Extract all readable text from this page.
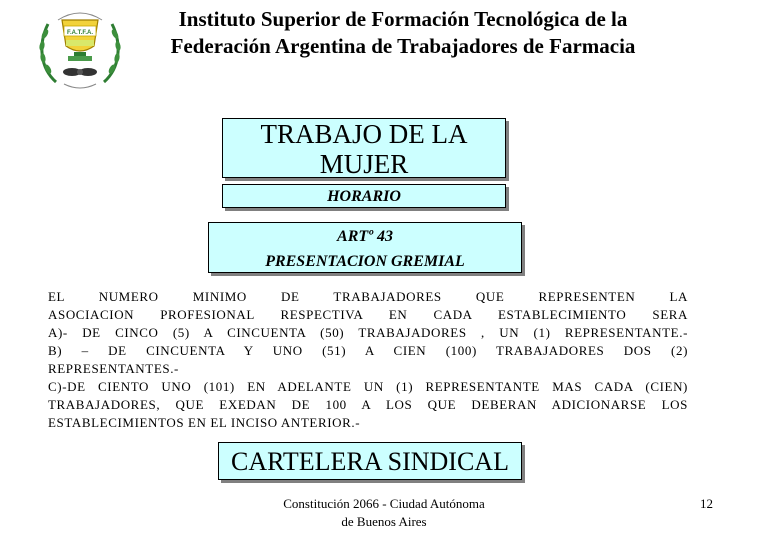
F.A.T.F.A.
Instituto Superior de Formación Tecnológica de la
Federación Argentina de Trabajadores de Farmacia
TRABAJO DE LA
MUJER
HORARIO
ARTº 43
PRESENTACION GREMIAL

EL NUMERO MINIMO DE TRABAJADORES QUE REPRESENTEN LA

ASOCIACION PROFESIONAL RESPECTIVA EN CADA ESTABLECIMIENTO SERA

A)- DE CINCO (5) A CINCUENTA (50) TRABAJADORES , UN (1) REPRESENTANTE.-

B) – DE CINCUENTA Y UNO (51) A CIEN (100) TRABAJADORES DOS (2)

REPRESENTANTES.-

C)-DE CIENTO UNO (101) EN ADELANTE UN (1) REPRESENTANTE MAS CADA (CIEN)

TRABAJADORES, QUE EXEDAN DE 100 A LOS QUE DEBERAN ADICIONARSE LOS

ESTABLECIMIENTOS EN EL INCISO ANTERIOR.-

CARTELERA SINDICAL
Constitución 2066 - Ciudad Autónoma
de Buenos Aires
12
